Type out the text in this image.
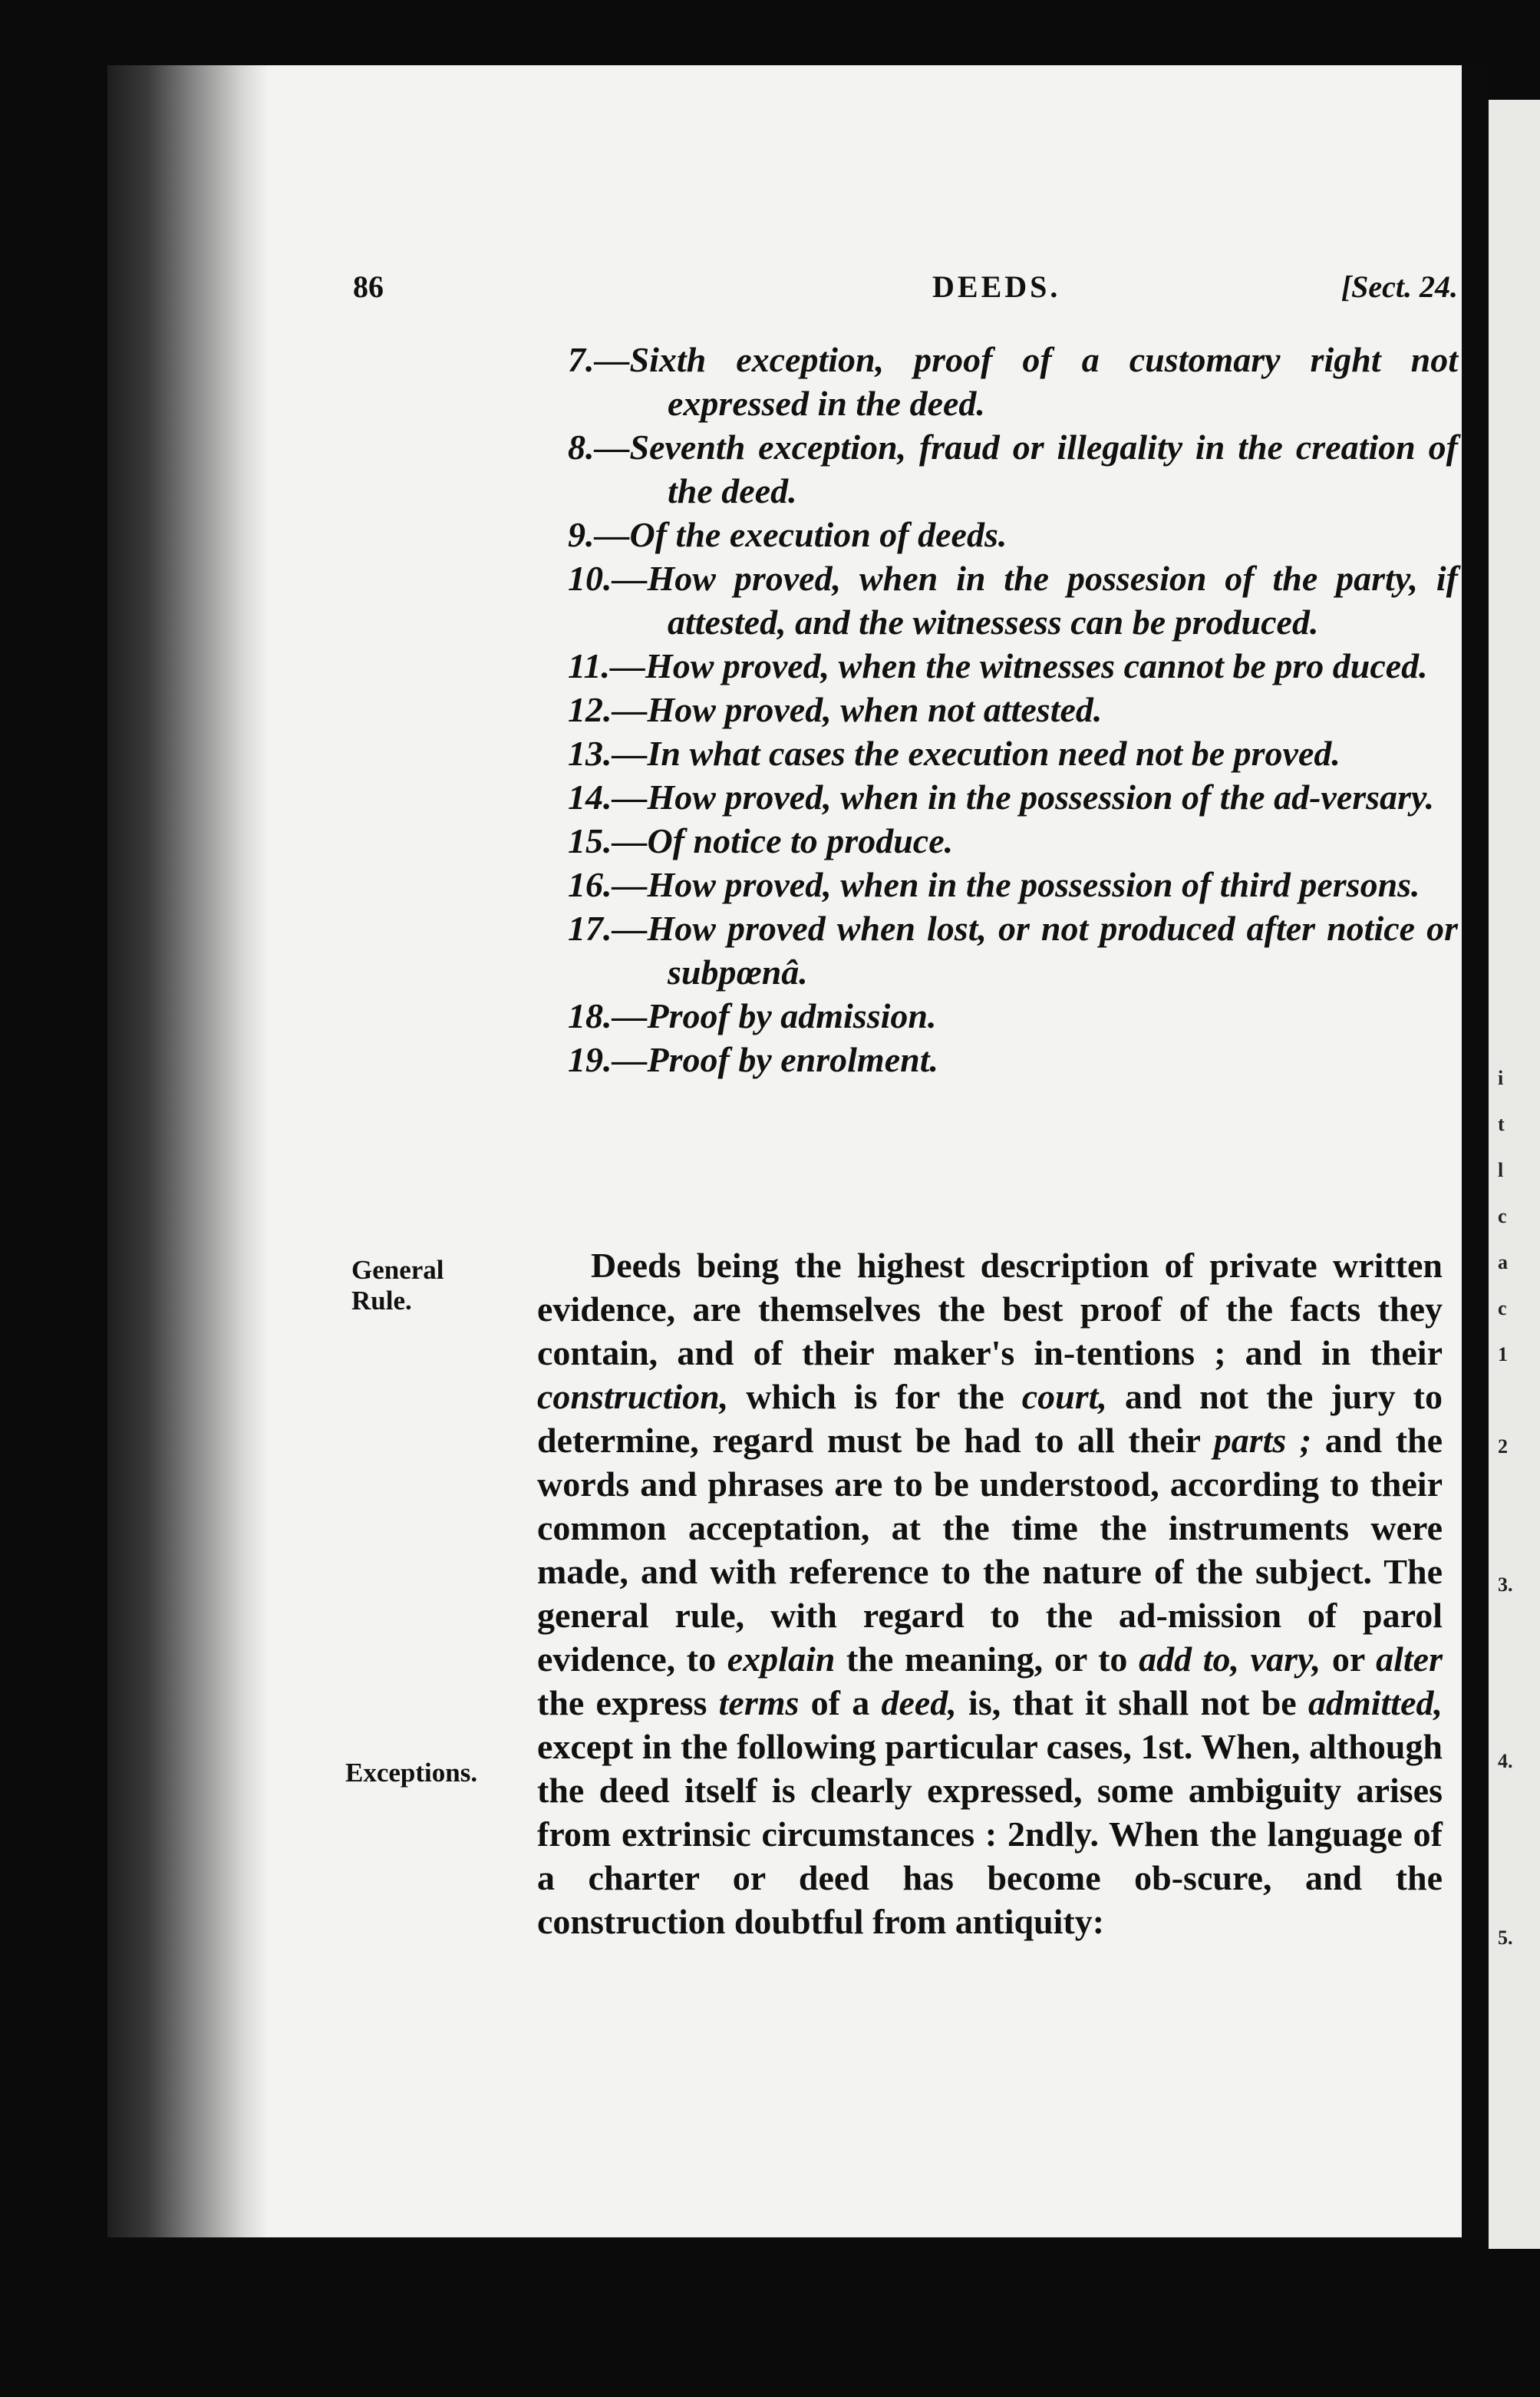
i
t
l
c
a
c
1
2
3.
4.
5.
86	DEEDS.	[Sect. 24.
7.—Sixth exception, proof of a customary right not expressed in the deed.
8.—Seventh exception, fraud or illegality in the creation of the deed.
9.—Of the execution of deeds.
10.—How proved, when in the possesion of the party, if attested, and the witnessess can be produced.
11.—How proved, when the witnesses cannot be pro duced.
12.—How proved, when not attested.
13.—In what cases the execution need not be proved.
14.—How proved, when in the possession of the ad-versary.
15.—Of notice to produce.
16.—How proved, when in the possession of third persons.
17.—How proved when lost, or not produced after notice or subpœnâ.
18.—Proof by admission.
19.—Proof by enrolment.
General Rule.
Exceptions.

Deeds being the highest description of private written evidence, are themselves the best proof of the facts they contain, and of their maker's in-tentions ; and in their construction, which is for the court, and not the jury to determine, regard must be had to all their parts ; and the words and phrases are to be understood, according to their common acceptation, at the time the instruments were made, and with reference to the nature of the subject. The general rule, with regard to the ad-mission of parol evidence, to explain the meaning, or to add to, vary, or alter the express terms of a deed, is, that it shall not be admitted, except in the following particular cases, 1st. When, although the deed itself is clearly expressed, some ambiguity arises from extrinsic circumstances : 2ndly. When the language of a charter or deed has become ob-scure, and the construction doubtful from antiquity:
